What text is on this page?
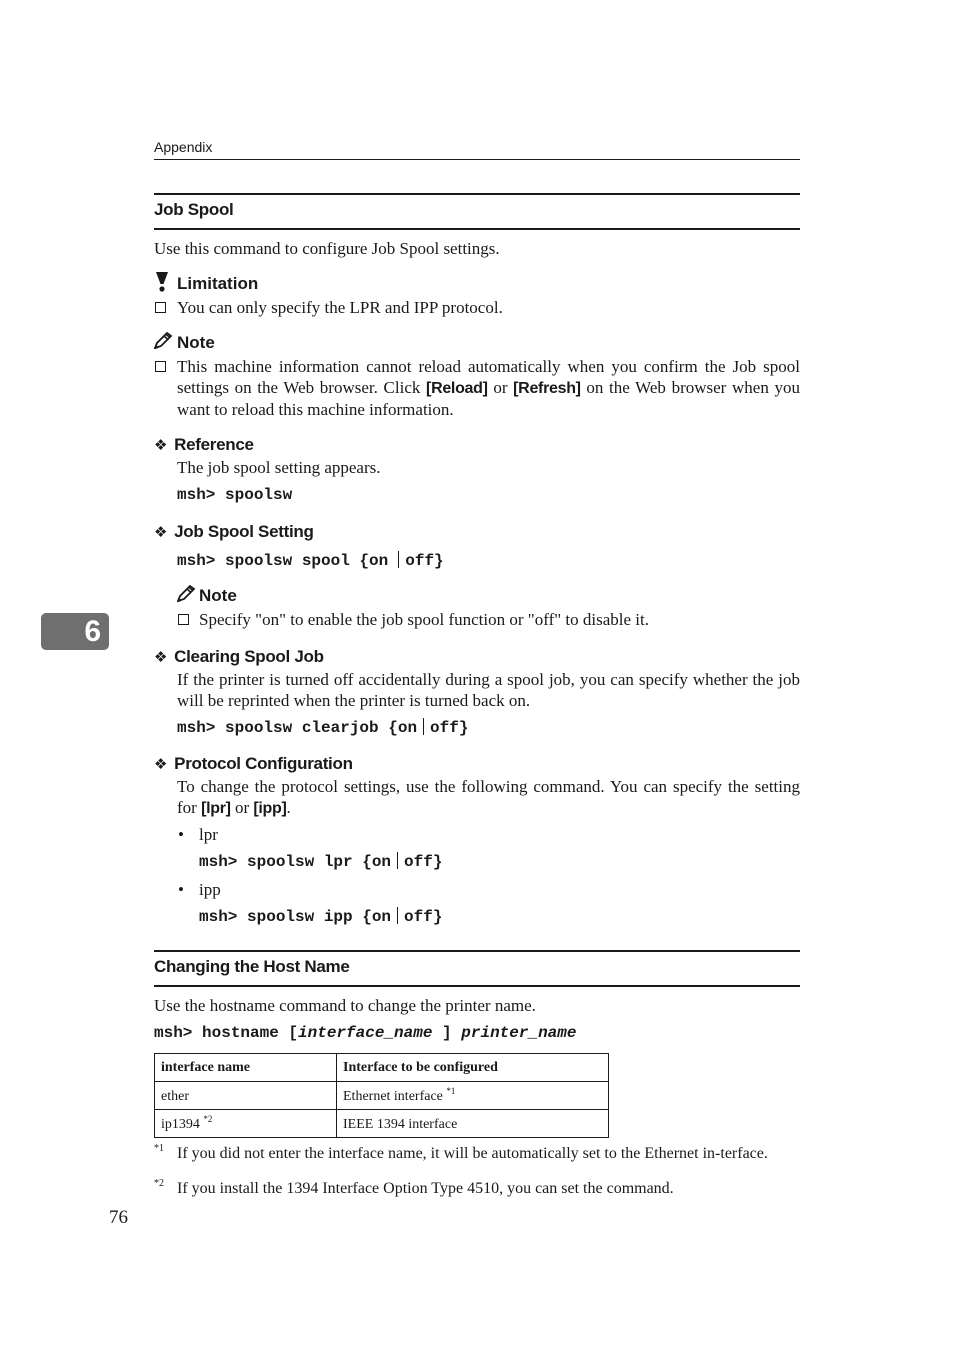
Appendix
Job Spool
Use this command to configure Job Spool settings.
Limitation
You can only specify the LPR and IPP protocol.
Note
This machine information cannot reload automatically when you confirm the Job spool settings on the Web browser. Click [Reload] or [Refresh] on the Web browser when you want to reload this machine information.
❖ Reference
The job spool setting appears.
msh> spoolsw
❖ Job Spool Setting
msh> spoolsw spool {on off}
Note
Specify "on" to enable the job spool function or "off" to disable it.
6
❖ Clearing Spool Job
If the printer is turned off accidentally during a spool job, you can specify whether the job will be reprinted when the printer is turned back on.
msh> spoolsw clearjob {on off}
❖ Protocol Configuration
To change the protocol settings, use the following command. You can specify the setting for [lpr] or [ipp].
• lpr
msh> spoolsw lpr {on off}
• ipp
msh> spoolsw ipp {on off}
Changing the Host Name
Use the hostname command to change the printer name.
msh> hostname [interface_name ] printer_name
interface name	Interface to be configured
ether	Ethernet interface $^{*1}$
ip1394 $^{*2}$	IEEE 1394 interface
*1 If you did not enter the interface name, it will be automatically set to the Ethernet in-terface.
*2 If you install the 1394 Interface Option Type 4510, you can set the command.
76
